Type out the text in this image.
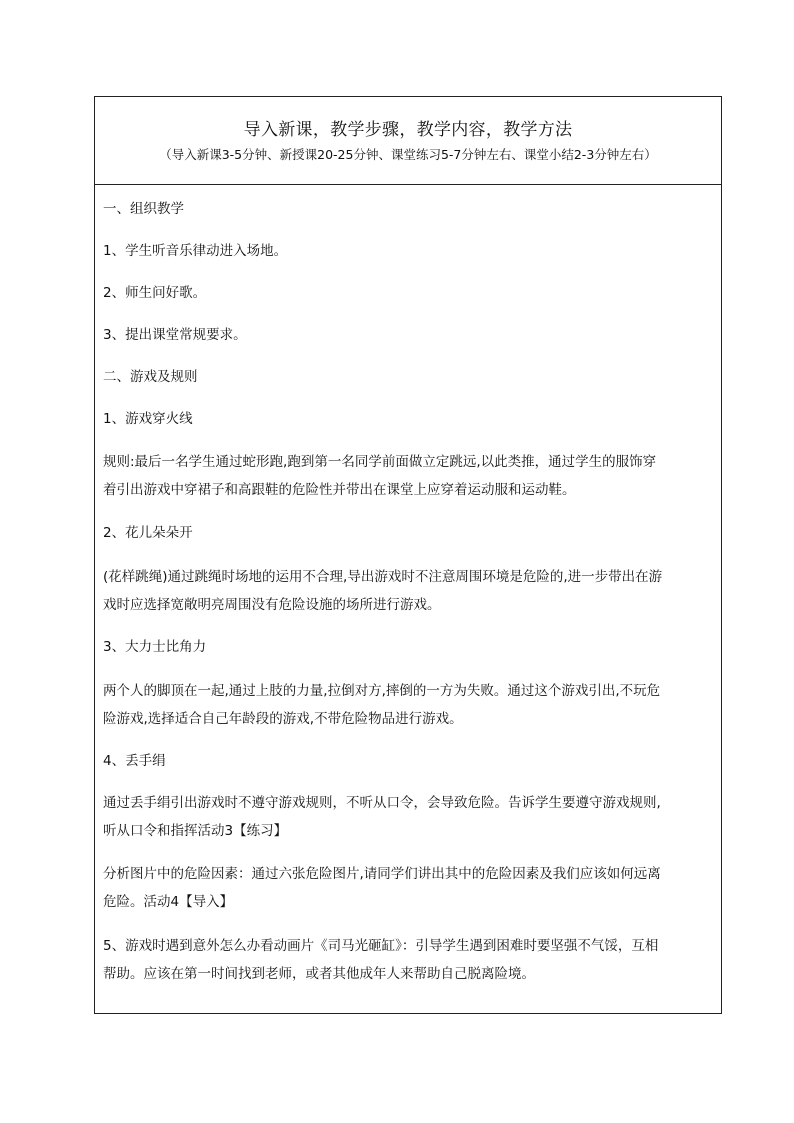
导入新课，教学步骤，教学内容，教学方法
（导入新课3-5分钟、新授课20-25分钟、课堂练习5-7分钟左右、课堂小结2-3分钟左右）
一、组织教学
1、学生听音乐律动进入场地。
2、师生问好歌。
3、提出课堂常规要求。
二、游戏及规则
1、游戏穿火线
规则:最后一名学生通过蛇形跑,跑到第一名同学前面做立定跳远,以此类推，通过学生的服饰穿
着引出游戏中穿裙子和高跟鞋的危险性并带出在课堂上应穿着运动服和运动鞋。
2、花儿朵朵开
(花样跳绳)通过跳绳时场地的运用不合理,导出游戏时不注意周围环境是危险的,进一步带出在游
戏时应选择宽敞明亮周围没有危险设施的场所进行游戏。
3、大力士比角力
两个人的脚顶在一起,通过上肢的力量,拉倒对方,摔倒的一方为失败。通过这个游戏引出,不玩危
险游戏,选择适合自己年龄段的游戏,不带危险物品进行游戏。
4、丢手绢
通过丢手绢引出游戏时不遵守游戏规则，不听从口令，会导致危险。告诉学生要遵守游戏规则,
听从口令和指挥活动3【练习】
分析图片中的危险因素：通过六张危险图片,请同学们讲出其中的危险因素及我们应该如何远离
危险。活动4【导入】
5、游戏时遇到意外怎么办看动画片《司马光砸缸》：引导学生遇到困难时要坚强不气馁，互相
帮助。应该在第一时间找到老师，或者其他成年人来帮助自己脱离险境。
